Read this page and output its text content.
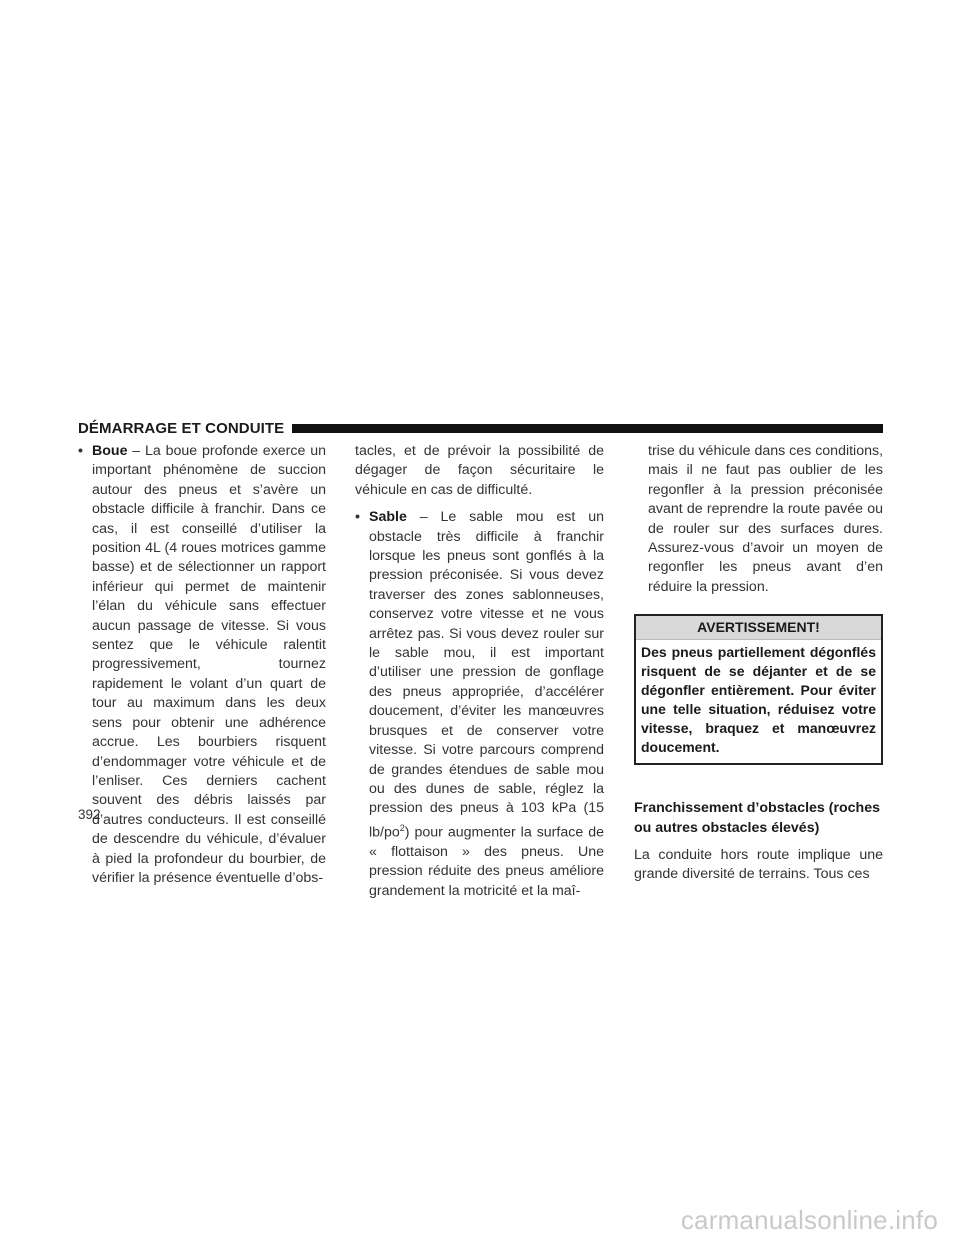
DÉMARRAGE ET CONDUITE

• Boue – La boue profonde exerce un important phénomène de succion autour des pneus et s’avère un obstacle difficile à franchir. Dans ce cas, il est conseillé d’utiliser la position 4L (4 roues motrices gamme basse) et de sélectionner un rapport inférieur qui permet de maintenir l’élan du véhicule sans effectuer aucun passage de vitesse. Si vous sentez que le véhicule ralentit progressivement, tournez rapidement le volant d’un quart de tour au maximum dans les deux sens pour obtenir une adhérence accrue. Les bourbiers risquent d’endommager votre véhicule et de l’enliser. Ces derniers cachent souvent des débris laissés par d’autres conducteurs. Il est conseillé de descendre du véhicule, d’évaluer à pied la profondeur du bourbier, de vérifier la présence éventuelle d’obs-

tacles, et de prévoir la possibilité de dégager de façon sécuritaire le véhicule en cas de difficulté.

• Sable – Le sable mou est un obstacle très difficile à franchir lorsque les pneus sont gonflés à la pression préconisée. Si vous devez traverser des zones sablonneuses, conservez votre vitesse et ne vous arrêtez pas. Si vous devez rouler sur le sable mou, il est important d’utiliser une pression de gonflage des pneus appropriée, d’accélérer doucement, d’éviter les manœuvres brusques et de conserver votre vitesse. Si votre parcours comprend de grandes étendues de sable mou ou des dunes de sable, réglez la pression des pneus à 103 kPa (15 $lb/po^2$) pour augmenter la surface de « flottaison » des pneus. Une pression réduite des pneus améliore grandement la motricité et la maî-

trise du véhicule dans ces conditions, mais il ne faut pas oublier de les regonfler à la pression préconisée avant de reprendre la route pavée ou de rouler sur des surfaces dures. Assurez-vous d’avoir un moyen de regonfler les pneus avant d’en réduire la pression.

AVERTISSEMENT!
Des pneus partiellement dégonflés risquent de se déjanter et de se dégonfler entièrement. Pour éviter une telle situation, réduisez votre vitesse, braquez et manœuvrez doucement.

Franchissement d’obstacles (roches ou autres obstacles élevés)

La conduite hors route implique une grande diversité de terrains. Tous ces

392
carmanualsonline.info
